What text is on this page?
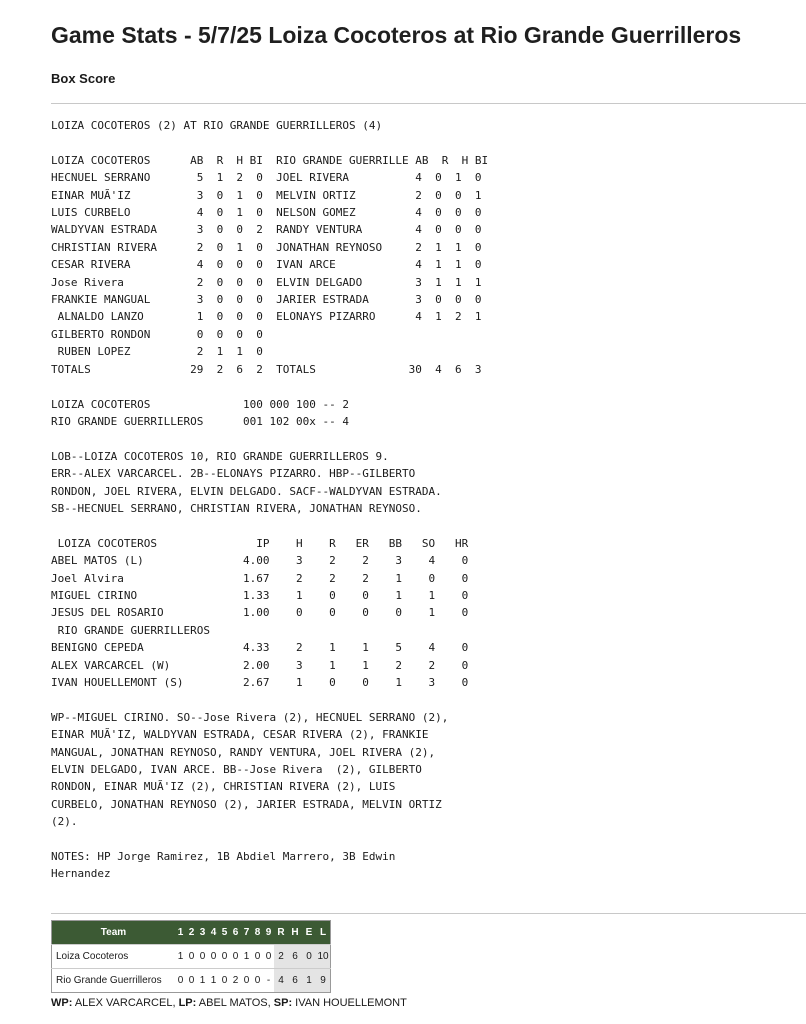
Game Stats - 5/7/25 Loiza Cocoteros at Rio Grande Guerrilleros
Box Score
LOIZA COCOTEROS (2) AT RIO GRANDE GUERRILLEROS (4)

LOIZA COCOTEROS      AB  R  H BI  RIO GRANDE GUERRILLE AB  R  H BI
HECNUEL SERRANO       5  1  2  0  JOEL RIVERA          4  0  1  0
EINAR MUÃ'IZ          3  0  1  0  MELVIN ORTIZ         2  0  0  1
LUIS CURBELO          4  0  1  0  NELSON GOMEZ         4  0  0  0
WALDYVAN ESTRADA      3  0  0  2  RANDY VENTURA        4  0  0  0
CHRISTIAN RIVERA      2  0  1  0  JONATHAN REYNOSO     2  1  1  0
CESAR RIVERA          4  0  0  0  IVAN ARCE            4  1  1  0
Jose Rivera           2  0  0  0  ELVIN DELGADO        3  1  1  1
FRANKIE MANGUAL       3  0  0  0  JARIER ESTRADA       3  0  0  0
ALNALDO LANZO        1  0  0  0  ELONAYS PIZARRO      4  1  2  1
GILBERTO RONDON       0  0  0  0
RUBEN LOPEZ          2  1  1  0
TOTALS               29  2  6  2  TOTALS              30  4  6  3

LOIZA COCOTEROS              100 000 100 -- 2
RIO GRANDE GUERRILLEROS      001 102 00x -- 4

LOB--LOIZA COCOTEROS 10, RIO GRANDE GUERRILLEROS 9.
ERR--ALEX VARCARCEL. 2B--ELONAYS PIZARRO. HBP--GILBERTO
RONDON, JOEL RIVERA, ELVIN DELGADO. SACF--WALDYVAN ESTRADA.
SB--HECNUEL SERRANO, CHRISTIAN RIVERA, JONATHAN REYNOSO.

LOIZA COCOTEROS               IP    H    R   ER   BB   SO   HR
ABEL MATOS (L)               4.00    3    2    2    3    4    0
Joel Alvira                  1.67    2    2    2    1    0    0
MIGUEL CIRINO                1.33    1    0    0    1    1    0
JESUS DEL ROSARIO            1.00    0    0    0    0    1    0
RIO GRANDE GUERRILLEROS
BENIGNO CEPEDA               4.33    2    1    1    5    4    0
ALEX VARCARCEL (W)           2.00    3    1    1    2    2    0
IVAN HOUELLEMONT (S)         2.67    1    0    0    1    3    0

WP--MIGUEL CIRINO. SO--Jose Rivera (2), HECNUEL SERRANO (2),
EINAR MUÃ'IZ, WALDYVAN ESTRADA, CESAR RIVERA (2), FRANKIE
MANGUAL, JONATHAN REYNOSO, RANDY VENTURA, JOEL RIVERA (2),
ELVIN DELGADO, IVAN ARCE. BB--Jose Rivera  (2), GILBERTO
RONDON, EINAR MUÃ'IZ (2), CHRISTIAN RIVERA (2), LUIS
CURBELO, JONATHAN REYNOSO (2), JARIER ESTRADA, MELVIN ORTIZ
(2).

NOTES: HP Jorge Ramirez, 1B Abdiel Marrero, 3B Edwin
Hernandez

Team	1	2	3	4	5	6	7	8	9	R	H	E	L
Loiza Cocoteros	1	0	0	0	0	0	1	0	0	2	6	0	10
Rio Grande Guerrilleros	0	0	1	1	0	2	0	0	-	4	6	1	9
WP: ALEX VARCARCEL, LP: ABEL MATOS, SP: IVAN HOUELLEMONT
